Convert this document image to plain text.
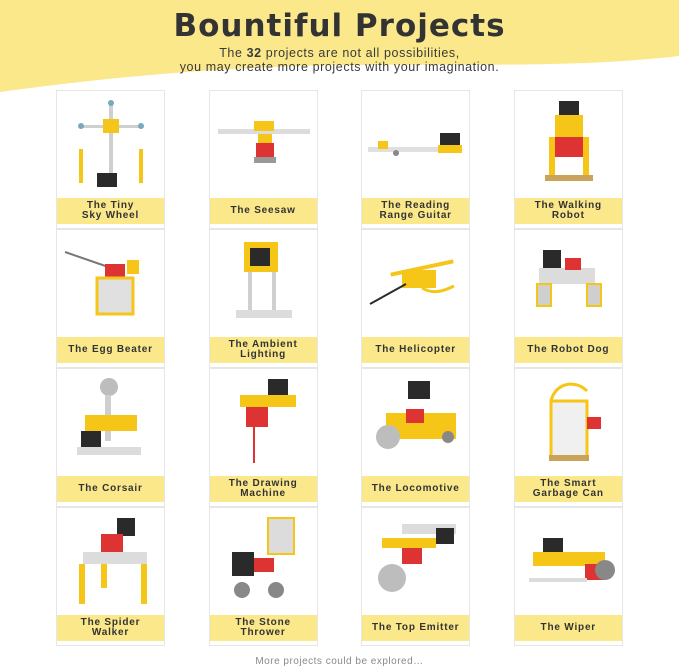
Bountiful Projects
The 32 projects are not all possibilities,
you may create more projects with your imagination.
The Tiny
Sky Wheel	The Seesaw	The Reading
Range Guitar
The Walking
Robot
The Egg Beater	The Ambient
Lighting	The Helicopter	The Robot Dog
The Corsair	The Drawing
Machine	The Locomotive	The Smart
Garbage Can
The Spider
Walker
The Stone
Thrower	The Top Emitter	The Wiper
More projects could be explored…
